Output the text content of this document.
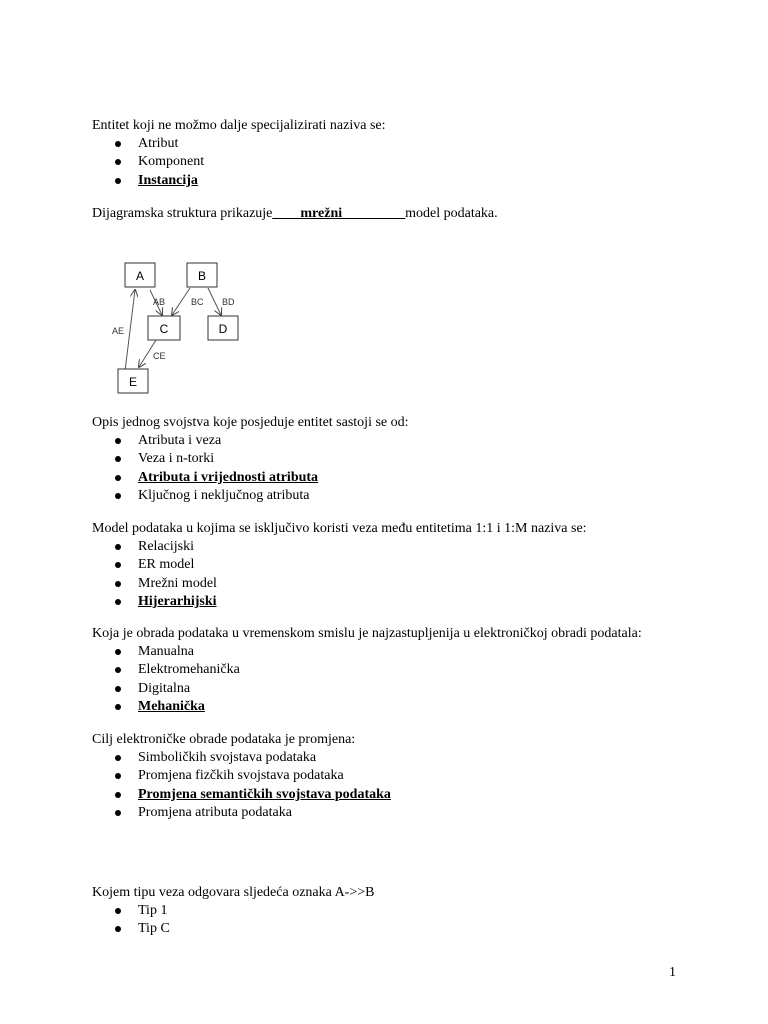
Entitet koji ne možmo dalje specijalizirati naziva se:
Atribut
Komponent
Instancija
Dijagramska struktura prikazuje____mrežni_________model podataka.
A	B
C	D
E
AB	BC BD
AE
CE
Opis jednog svojstva koje posjeduje entitet sastoji se od:
Atributa i veza
Veza i n-torki
Atributa i vrijednosti atributa
Ključnog i neključnog atributa
Model podataka u kojima se isključivo koristi veza među entitetima 1:1 i 1:M naziva se:
Relacijski
ER model
Mrežni model
Hijerarhijski
Koja je obrada podataka u vremenskom smislu je najzastupljenija u elektroničkoj obradi podatala:
Manualna
Elektromehanička
Digitalna
Mehanička
Cilj elektroničke obrade podataka je promjena:
Simboličkih svojstava podataka
Promjena fizčkih svojstava podataka
Promjena semantičkih svojstava podataka
Promjena atributa podataka
Kojem tipu veza odgovara sljedeća oznaka A->>B
Tip 1
Tip C
1
